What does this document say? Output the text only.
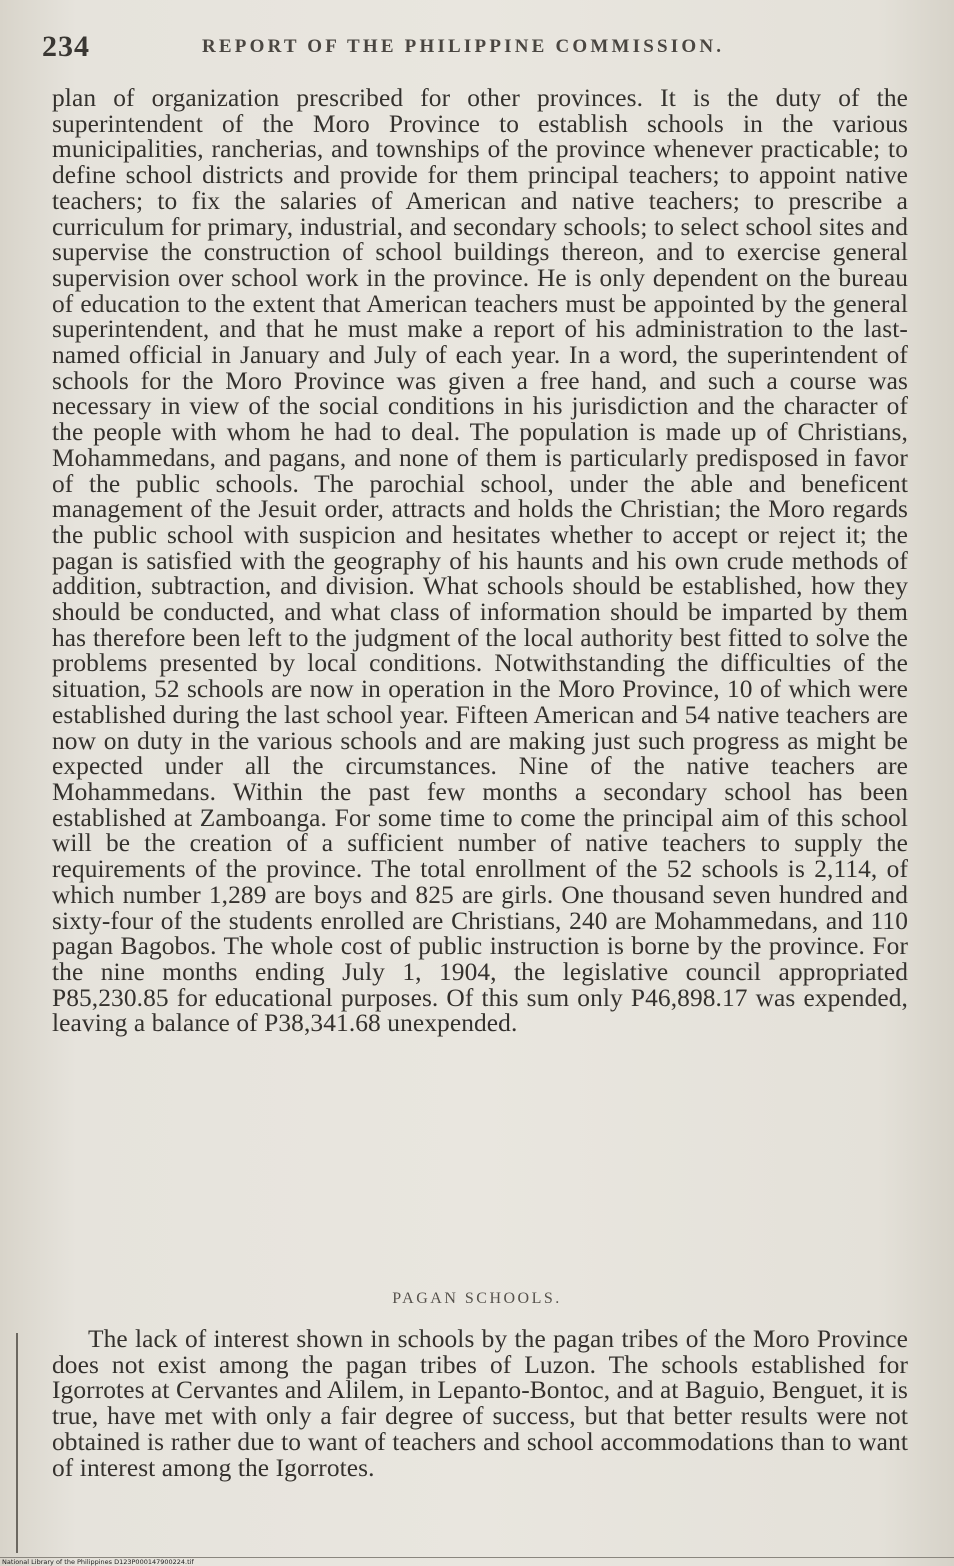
234	REPORT OF THE PHILIPPINE COMMISSION.

plan of organization prescribed for other provinces. It is the duty of the superintendent of the Moro Province to establish schools in the various municipalities, rancherias, and townships of the province whenever practicable; to define school districts and provide for them principal teachers; to appoint native teachers; to fix the salaries of American and native teachers; to prescribe a curriculum for primary, industrial, and secondary schools; to select school sites and supervise the construction of school buildings thereon, and to exercise general supervision over school work in the province. He is only dependent on the bureau of education to the extent that American teachers must be appointed by the general superintendent, and that he must make a report of his administration to the last-named official in January and July of each year. In a word, the superintendent of schools for the Moro Province was given a free hand, and such a course was necessary in view of the social conditions in his jurisdiction and the character of the people with whom he had to deal. The population is made up of Christians, Mohammedans, and pagans, and none of them is particularly predisposed in favor of the public schools. The parochial school, under the able and beneficent management of the Jesuit order, attracts and holds the Christian; the Moro regards the public school with suspicion and hesitates whether to accept or reject it; the pagan is satisfied with the geography of his haunts and his own crude methods of addition, subtraction, and division. What schools should be established, how they should be conducted, and what class of information should be imparted by them has therefore been left to the judgment of the local authority best fitted to solve the problems presented by local conditions. Notwithstanding the difficulties of the situation, 52 schools are now in operation in the Moro Province, 10 of which were established during the last school year. Fifteen American and 54 native teachers are now on duty in the various schools and are making just such progress as might be expected under all the circumstances. Nine of the native teachers are Mohammedans. Within the past few months a secondary school has been established at Zamboanga. For some time to come the principal aim of this school will be the creation of a sufficient number of native teachers to supply the requirements of the province. The total enrollment of the 52 schools is 2,114, of which number 1,289 are boys and 825 are girls. One thousand seven hundred and sixty-four of the students enrolled are Christians, 240 are Mohammedans, and 110 pagan Bagobos. The whole cost of public instruction is borne by the province. For the nine months ending July 1, 1904, the legislative council appropriated P85,230.85 for educational purposes. Of this sum only P46,898.17 was expended, leaving a balance of P38,341.68 unexpended.

PAGAN SCHOOLS.

The lack of interest shown in schools by the pagan tribes of the Moro Province does not exist among the pagan tribes of Luzon. The schools established for Igorrotes at Cervantes and Alilem, in Lepanto-Bontoc, and at Baguio, Benguet, it is true, have met with only a fair degree of success, but that better results were not obtained is rather due to want of teachers and school accommodations than to want of interest among the Igorrotes.

National Library of the Philippines D123P000147900224.tif
